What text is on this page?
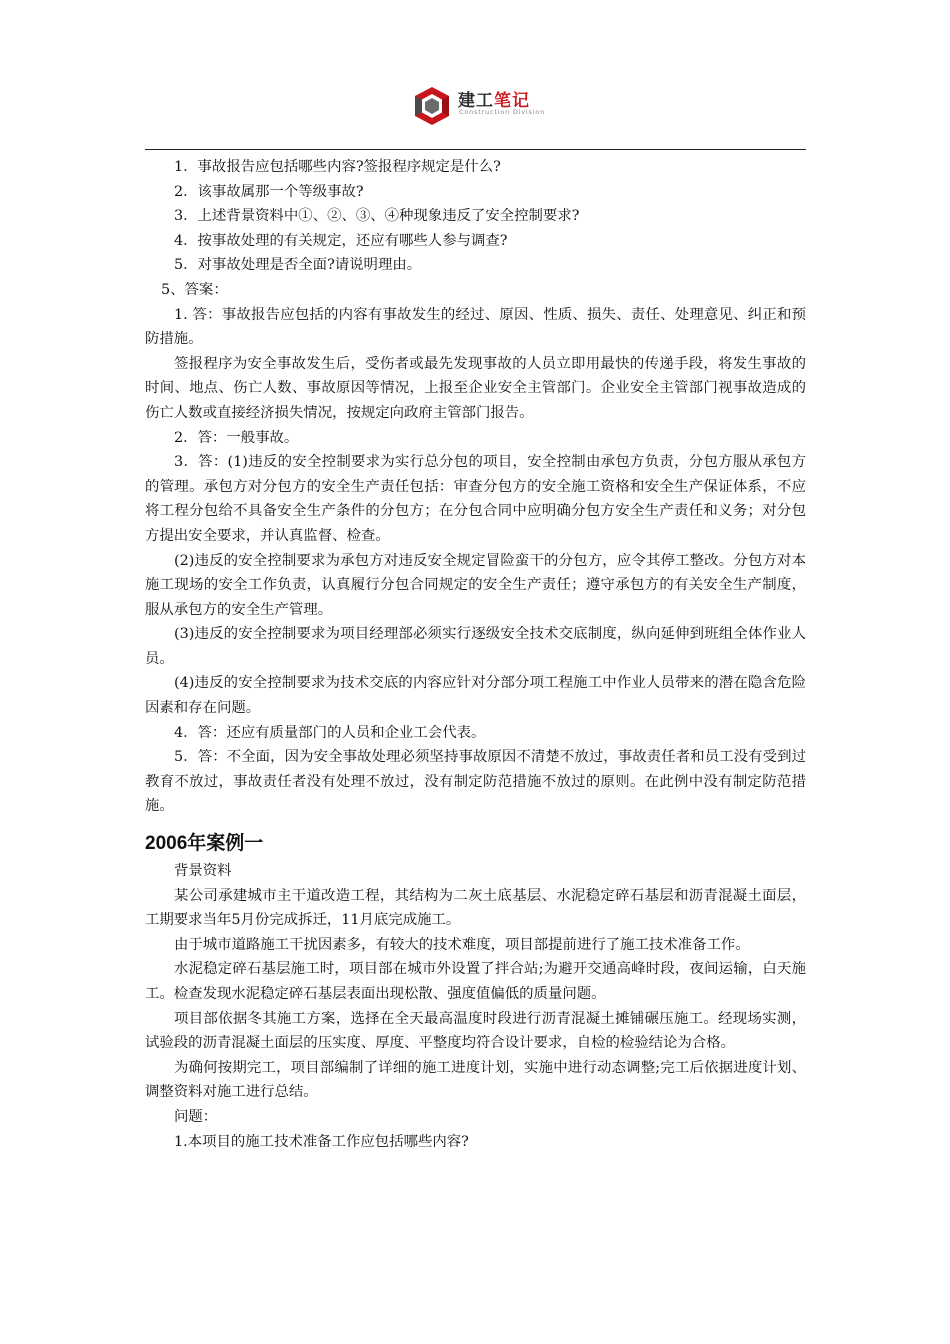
建工笔记
Construction Division

1．事故报告应包括哪些内容?签报程序规定是什么?

2．该事故属那一个等级事故?

3．上述背景资料中①、②、③、④种现象违反了安全控制要求?

4．按事故处理的有关规定，还应有哪些人参与调查?

5．对事故处理是否全面?请说明理由。

5、答案：

1. 答：事故报告应包括的内容有事故发生的经过、原因、性质、损失、责任、处理意见、纠正和预防措施。

签报程序为安全事故发生后，受伤者或最先发现事故的人员立即用最快的传递手段，将发生事故的时间、地点、伤亡人数、事故原因等情况，上报至企业安全主管部门。企业安全主管部门视事故造成的伤亡人数或直接经济损失情况，按规定向政府主管部门报告。

2．答：一般事故。

3．答：(1)违反的安全控制要求为实行总分包的项目，安全控制由承包方负责，分包方服从承包方的管理。承包方对分包方的安全生产责任包括：审查分包方的安全施工资格和安全生产保证体系，不应将工程分包给不具备安全生产条件的分包方；在分包合同中应明确分包方安全生产责任和义务；对分包方提出安全要求，并认真监督、检查。

(2)违反的安全控制要求为承包方对违反安全规定冒险蛮干的分包方，应令其停工整改。分包方对本施工现场的安全工作负责，认真履行分包合同规定的安全生产责任；遵守承包方的有关安全生产制度，服从承包方的安全生产管理。

(3)违反的安全控制要求为项目经理部必须实行逐级安全技术交底制度，纵向延伸到班组全体作业人员。

(4)违反的安全控制要求为技术交底的内容应针对分部分项工程施工中作业人员带来的潜在隐含危险因素和存在问题。

4．答：还应有质量部门的人员和企业工会代表。

5．答：不全面，因为安全事故处理必须坚持事故原因不清楚不放过，事故责任者和员工没有受到过教育不放过，事故责任者没有处理不放过，没有制定防范措施不放过的原则。在此例中没有制定防范措施。

2006年案例一

背景资料

某公司承建城市主干道改造工程，其结构为二灰土底基层、水泥稳定碎石基层和沥青混凝土面层，工期要求当年5月份完成拆迁，11月底完成施工。

由于城市道路施工干扰因素多，有较大的技术难度，项目部提前进行了施工技术准备工作。

水泥稳定碎石基层施工时，项目部在城市外设置了拌合站;为避开交通高峰时段，夜间运输，白天施工。检查发现水泥稳定碎石基层表面出现松散、强度值偏低的质量问题。

项目部依据冬其施工方案，选择在全天最高温度时段进行沥青混凝土摊铺碾压施工。经现场实测，试验段的沥青混凝土面层的压实度、厚度、平整度均符合设计要求，自检的检验结论为合格。

为确何按期完工，项目部编制了详细的施工进度计划，实施中进行动态调整;完工后依据进度计划、调整资料对施工进行总结。

问题：

1.本项目的施工技术准备工作应包括哪些内容?
